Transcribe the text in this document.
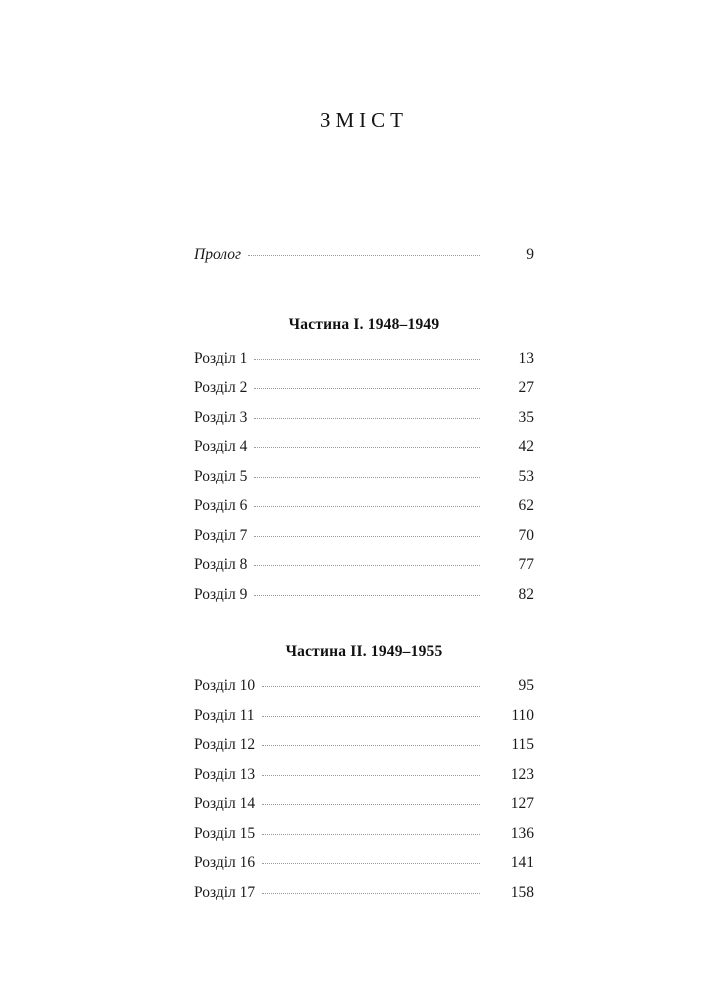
ЗМІСТ
Пролог	9
Частина I. 1948–1949
Розділ 1	13
Розділ 2	27
Розділ 3	35
Розділ 4	42
Розділ 5	53
Розділ 6	62
Розділ 7	70
Розділ 8	77
Розділ 9	82
Частина II. 1949–1955
Розділ 10	95
Розділ 11	110
Розділ 12	115
Розділ 13	123
Розділ 14	127
Розділ 15	136
Розділ 16	141
Розділ 17	158
